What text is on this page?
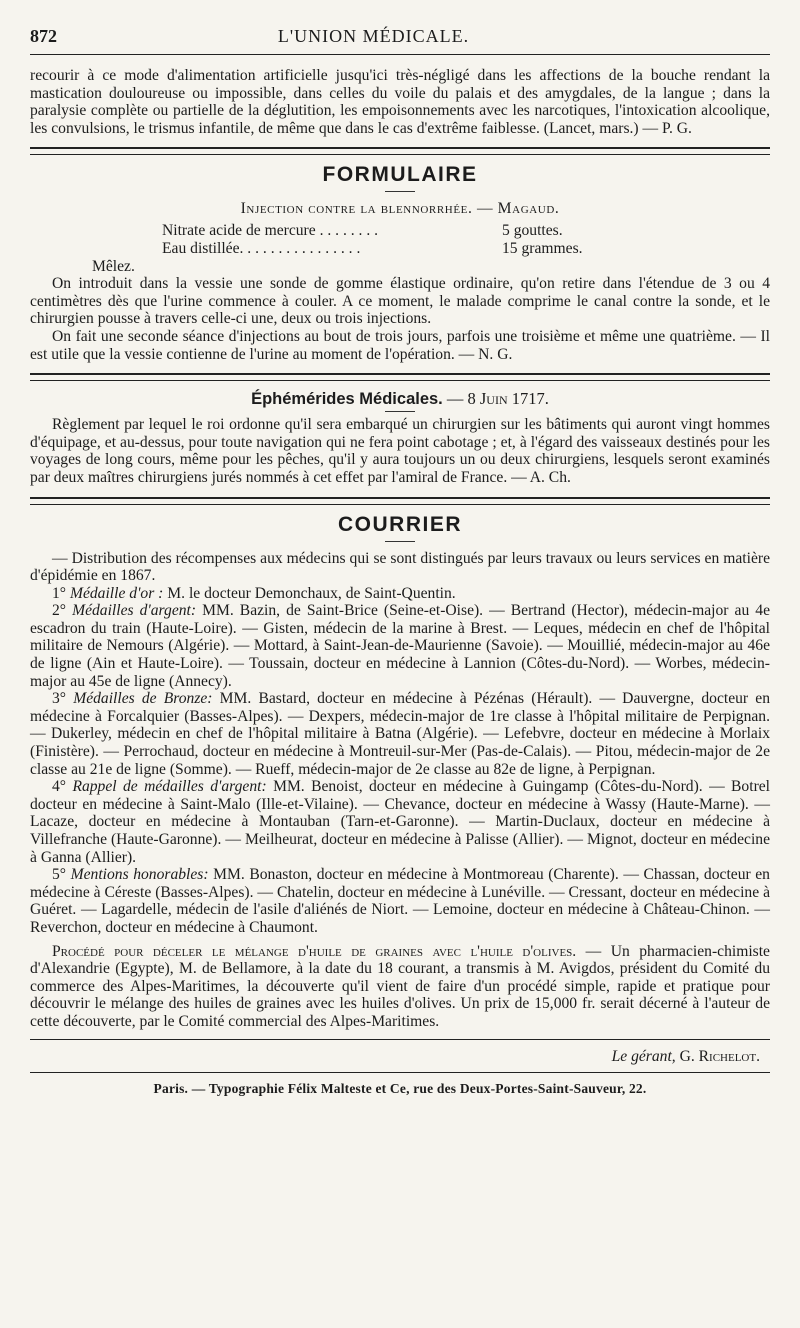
872	L'UNION MÉDICALE.

recourir à ce mode d'alimentation artificielle jusqu'ici très-négligé dans les affections de la bouche rendant la mastication douloureuse ou impossible, dans celles du voile du palais et des amygdales, de la langue ; dans la paralysie complète ou partielle de la déglutition, les empoisonnements avec les narcotiques, l'intoxication alcoolique, les convulsions, le trismus infantile, de même que dans le cas d'extrême faiblesse. (Lancet, mars.) — P. G.

FORMULAIRE
Injection contre la blennorrhée. — Magaud.
Nitrate acide de mercure . . . . . . . .	5 gouttes.
Eau distillée. . . . . . . . . . . . . . . .	15 grammes.

Mêlez.

On introduit dans la vessie une sonde de gomme élastique ordinaire, qu'on retire dans l'étendue de 3 ou 4 centimètres dès que l'urine commence à couler. A ce moment, le malade comprime le canal contre la sonde, et le chirurgien pousse à travers celle-ci une, deux ou trois injections.

On fait une seconde séance d'injections au bout de trois jours, parfois une troisième et même une quatrième. — Il est utile que la vessie contienne de l'urine au moment de l'opération. — N. G.

Éphémérides Médicales. — 8 Juin 1717.

Règlement par lequel le roi ordonne qu'il sera embarqué un chirurgien sur les bâtiments qui auront vingt hommes d'équipage, et au-dessus, pour toute navigation qui ne fera point cabotage ; et, à l'égard des vaisseaux destinés pour les voyages de long cours, même pour les pêches, qu'il y aura toujours un ou deux chirurgiens, lesquels seront examinés par deux maîtres chirurgiens jurés nommés à cet effet par l'amiral de France. — A. Ch.

COURRIER

— Distribution des récompenses aux médecins qui se sont distingués par leurs travaux ou leurs services en matière d'épidémie en 1867.

1° Médaille d'or : M. le docteur Demonchaux, de Saint-Quentin.

2° Médailles d'argent: MM. Bazin, de Saint-Brice (Seine-et-Oise). — Bertrand (Hector), médecin-major au 4e escadron du train (Haute-Loire). — Gisten, médecin de la marine à Brest. — Leques, médecin en chef de l'hôpital militaire de Nemours (Algérie). — Mottard, à Saint-Jean-de-Maurienne (Savoie). — Mouillié, médecin-major au 46e de ligne (Ain et Haute-Loire). — Toussain, docteur en médecine à Lannion (Côtes-du-Nord). — Worbes, médecin-major au 45e de ligne (Annecy).

3° Médailles de Bronze: MM. Bastard, docteur en médecine à Pézénas (Hérault). — Dauvergne, docteur en médecine à Forcalquier (Basses-Alpes). — Dexpers, médecin-major de 1re classe à l'hôpital militaire de Perpignan. — Dukerley, médecin en chef de l'hôpital militaire à Batna (Algérie). — Lefebvre, docteur en médecine à Morlaix (Finistère). — Perrochaud, docteur en médecine à Montreuil-sur-Mer (Pas-de-Calais). — Pitou, médecin-major de 2e classe au 21e de ligne (Somme). — Rueff, médecin-major de 2e classe au 82e de ligne, à Perpignan.

4° Rappel de médailles d'argent: MM. Benoist, docteur en médecine à Guingamp (Côtes-du-Nord). — Botrel docteur en médecine à Saint-Malo (Ille-et-Vilaine). — Chevance, docteur en médecine à Wassy (Haute-Marne). — Lacaze, docteur en médecine à Montauban (Tarn-et-Garonne). — Martin-Duclaux, docteur en médecine à Villefranche (Haute-Garonne). — Meilheurat, docteur en médecine à Palisse (Allier). — Mignot, docteur en médecine à Ganna (Allier).

5° Mentions honorables: MM. Bonaston, docteur en médecine à Montmoreau (Charente). — Chassan, docteur en médecine à Céreste (Basses-Alpes). — Chatelin, docteur en médecine à Lunéville. — Cressant, docteur en médecine à Guéret. — Lagardelle, médecin de l'asile d'aliénés de Niort. — Lemoine, docteur en médecine à Château-Chinon. — Reverchon, docteur en médecine à Chaumont.

Procédé pour déceler le mélange d'huile de graines avec l'huile d'olives. — Un pharmacien-chimiste d'Alexandrie (Egypte), M. de Bellamore, à la date du 18 courant, a transmis à M. Avigdos, président du Comité du commerce des Alpes-Maritimes, la découverte qu'il vient de faire d'un procédé simple, rapide et pratique pour découvrir le mélange des huiles de graines avec les huiles d'olives. Un prix de 15,000 fr. serait décerné à l'auteur de cette découverte, par le Comité commercial des Alpes-Maritimes.

Le gérant, G. Richelot.
Paris. — Typographie Félix Malteste et Ce, rue des Deux-Portes-Saint-Sauveur, 22.
